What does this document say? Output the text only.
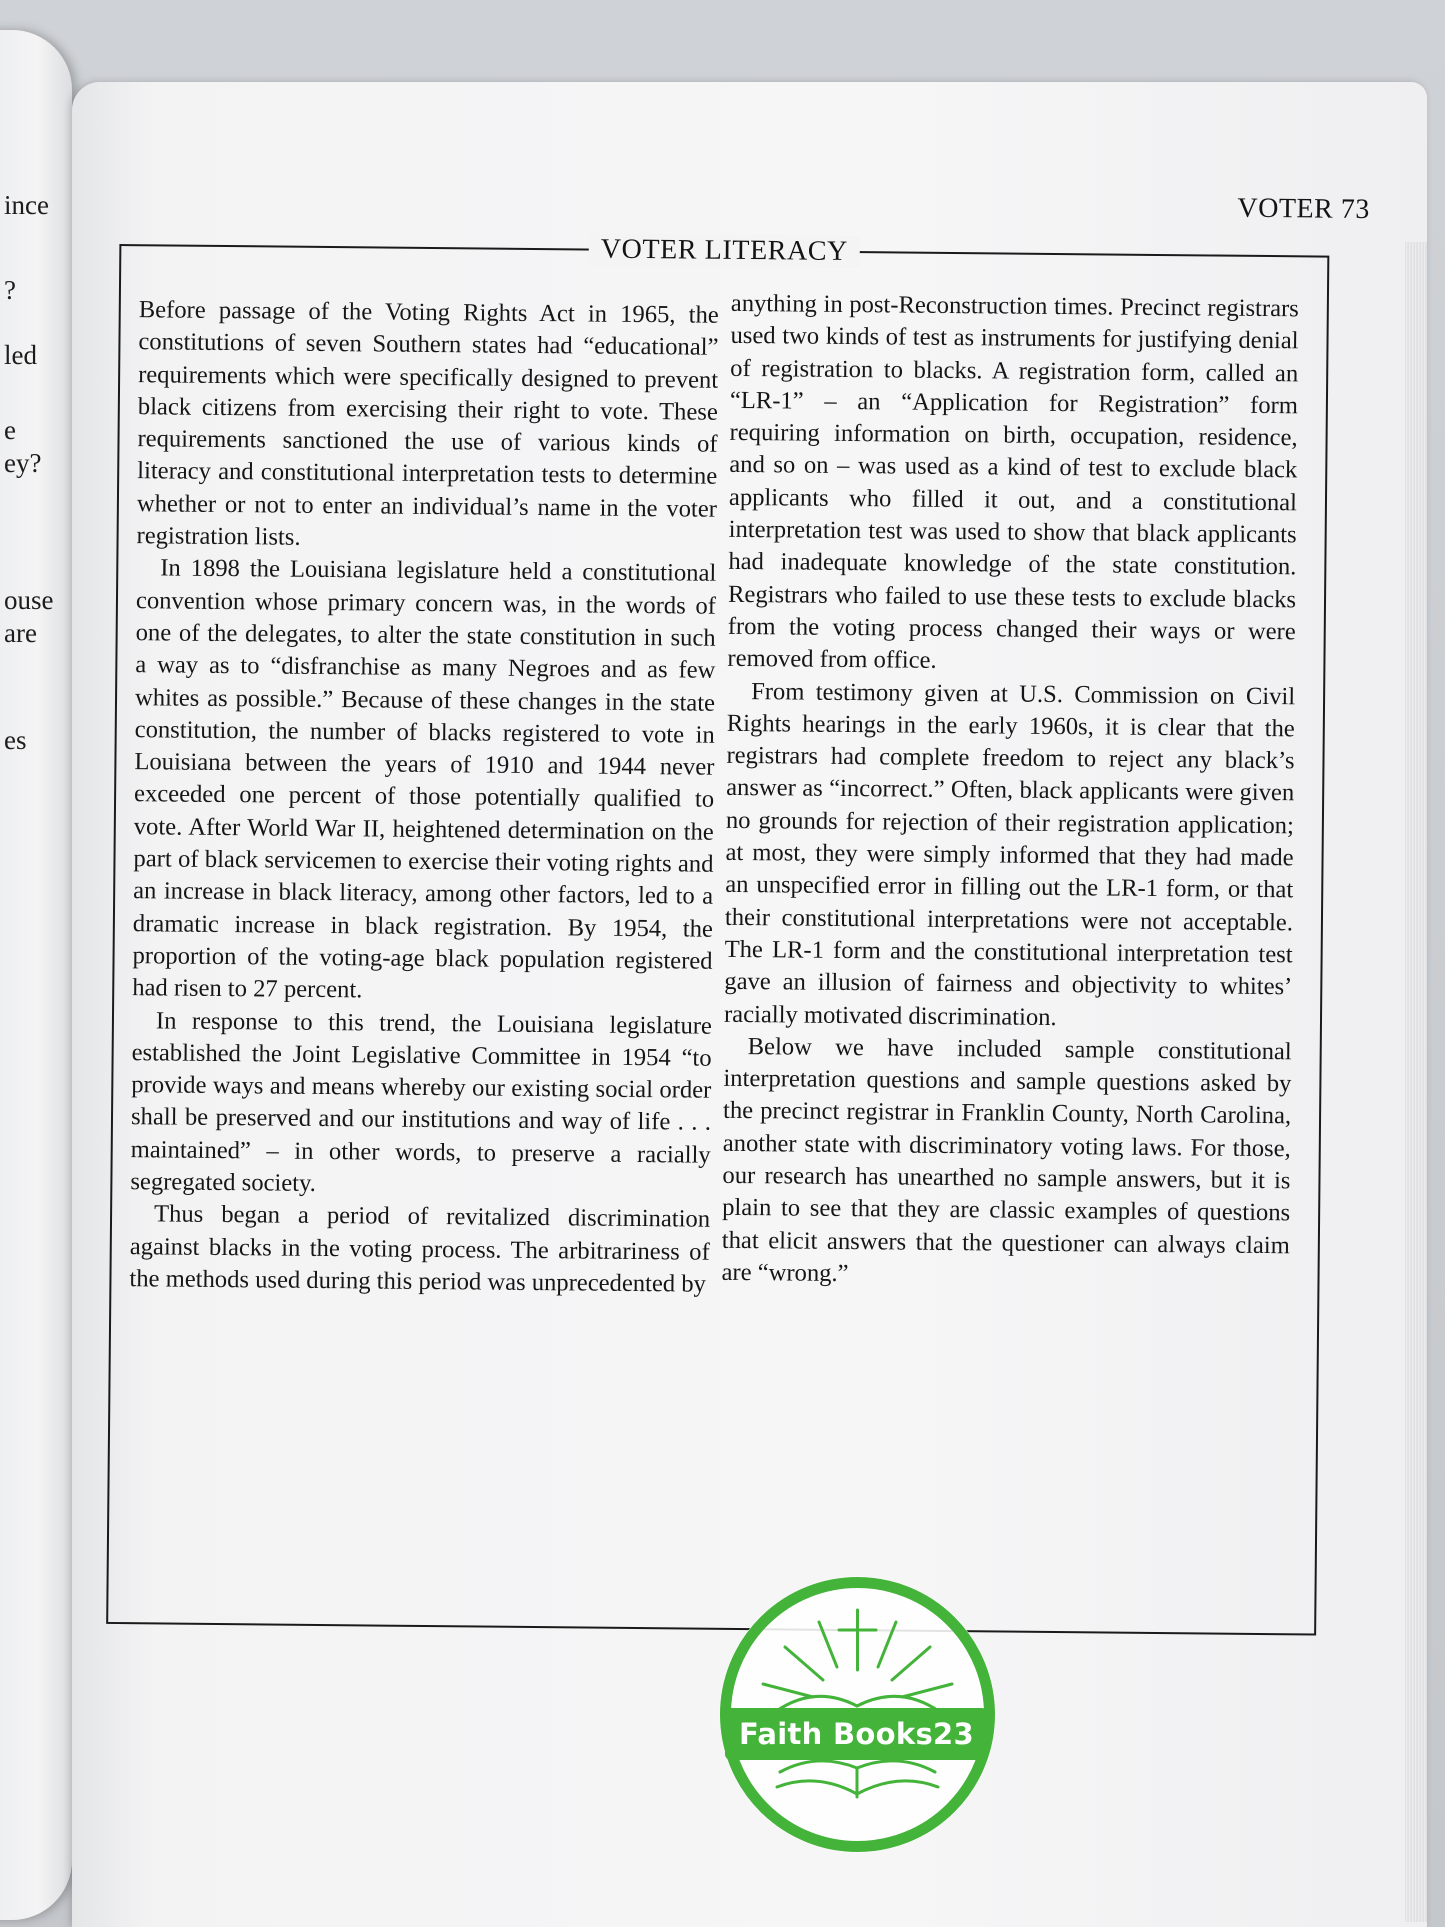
ince
?
led
e
ey?
ouse
are
es
VOTER 73
VOTER LITERACY

Before passage of the Voting Rights Act in 1965, the constitutions of seven Southern states had “educational” requirements which were specifically designed to prevent black citizens from exercising their right to vote. These requirements sanctioned the use of various kinds of literacy and constitutional interpretation tests to determine whether or not to enter an individual’s name in the voter registration lists.

In 1898 the Louisiana legislature held a constitutional convention whose primary concern was, in the words of one of the delegates, to alter the state constitution in such a way as to “disfranchise as many Negroes and as few whites as possible.” Because of these changes in the state constitution, the number of blacks registered to vote in Louisiana between the years of 1910 and 1944 never exceeded one percent of those potentially qualified to vote. After World War II, heightened determination on the part of black servicemen to exercise their voting rights and an increase in black literacy, among other factors, led to a dramatic increase in black registration. By 1954, the proportion of the voting-age black population registered had risen to 27 percent.

In response to this trend, the Louisiana legislature established the Joint Legislative Committee in 1954 “to provide ways and means whereby our existing social order shall be preserved and our institutions and way of life . . . maintained” – in other words, to preserve a racially segregated society.

Thus began a period of revitalized discrimination against blacks in the voting process. The arbitrariness of the methods used during this period was unprecedented by

anything in post-Reconstruction times. Precinct registrars used two kinds of test as instruments for justifying denial of registration to blacks. A registration form, called an “LR-1” – an “Application for Registration” form requiring information on birth, occupation, residence, and so on – was used as a kind of test to exclude black applicants who filled it out, and a constitutional interpretation test was used to show that black applicants had inadequate knowledge of the state constitution. Registrars who failed to use these tests to exclude blacks from the voting process changed their ways or were removed from office.

From testimony given at U.S. Commission on Civil Rights hearings in the early 1960s, it is clear that the registrars had complete freedom to reject any black’s answer as “incorrect.” Often, black applicants were given no grounds for rejection of their registration application; at most, they were simply informed that they had made an unspecified error in filling out the LR-1 form, or that their constitutional interpretations were not acceptable. The LR-1 form and the constitutional interpretation test gave an illusion of fairness and objectivity to whites’ racially motivated discrimination.

Below we have included sample constitutional interpretation questions and sample questions asked by the precinct registrar in Franklin County, North Carolina, another state with discriminatory voting laws. For those, our research has unearthed no sample answers, but it is plain to see that they are classic examples of questions that elicit answers that the questioner can always claim are “wrong.”

Faith Books23
